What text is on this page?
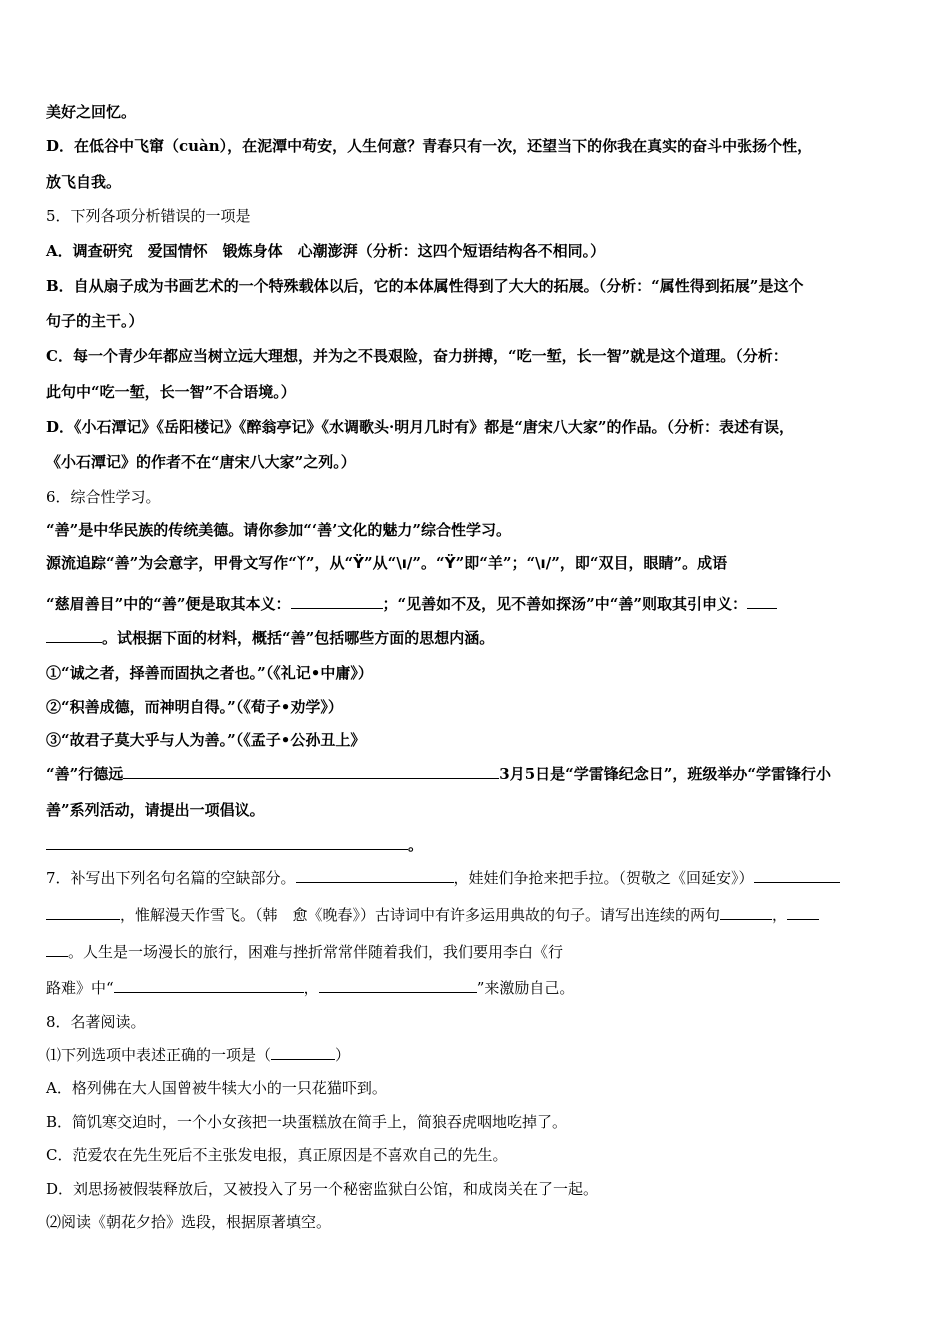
美好之回忆。
D．在低谷中飞窜（cuàn），在泥潭中苟安，人生何意？青春只有一次，还望当下的你我在真实的奋斗中张扬个性，
放飞自我。
5．下列各项分析错误的一项是
A．调查研究　爱国情怀　锻炼身体　心潮澎湃（分析：这四个短语结构各不相同。）
B．自从扇子成为书画艺术的一个特殊载体以后，它的本体属性得到了大大的拓展。（分析：“属性得到拓展”是这个
句子的主干。）
C．每一个青少年都应当树立远大理想，并为之不畏艰险，奋力拼搏，“吃一堑，长一智”就是这个道理。（分析：
此句中“吃一堑，长一智”不合语境。）
D．《小石潭记》《岳阳楼记》《醉翁亭记》《水调歌头·明月几时有》都是“唐宋八大家”的作品。（分析：表述有误，
《小石潭记》的作者不在“唐宋八大家”之列。）
6．综合性学习。
“善”是中华民族的传统美德。请你参加“‘善’文化的魅力”综合性学习。
源流追踪“善”为会意字，甲骨文写作“ᛉ”，从“Ϋ”从“\ı/”。“Ϋ”即“羊”；“\ı/”，即“双目，眼睛”。成语
“慈眉善目”中的“善”便是取其本义：	；“见善如不及，见不善如探汤”中“善”则取其引申义：
。试根据下面的材料，概括“善”包括哪些方面的思想内涵。
①“诚之者，择善而固执之者也。”（《礼记•中庸》）
②“积善成德，而神明自得。”（《荀子•劝学》）
③“故君子莫大乎与人为善。”（《孟子•公孙丑上》
“善”行德远	3月5日是“学雷锋纪念日”，班级举办“学雷锋行小
善”系列活动，请提出一项倡议。
。
7．补写出下列名句名篇的空缺部分。	，娃娃们争抢来把手拉。（贺敬之《回延安》）
，惟解漫天作雪飞。（韩　愈《晚春》）古诗词中有许多运用典故的句子。请写出连续的两句	，
。人生是一场漫长的旅行，困难与挫折常常伴随着我们，我们要用李白《行
路难》中“	，	”来激励自己。
8．名著阅读。
⑴下列选项中表述正确的一项是（	）
A．格列佛在大人国曾被牛犊大小的一只花猫吓到。
B．简饥寒交迫时，一个小女孩把一块蛋糕放在简手上，简狼吞虎咽地吃掉了。
C．范爱农在先生死后不主张发电报，真正原因是不喜欢自己的先生。
D．刘思扬被假装释放后，又被投入了另一个秘密监狱白公馆，和成岗关在了一起。
⑵阅读《朝花夕拾》选段，根据原著填空。
